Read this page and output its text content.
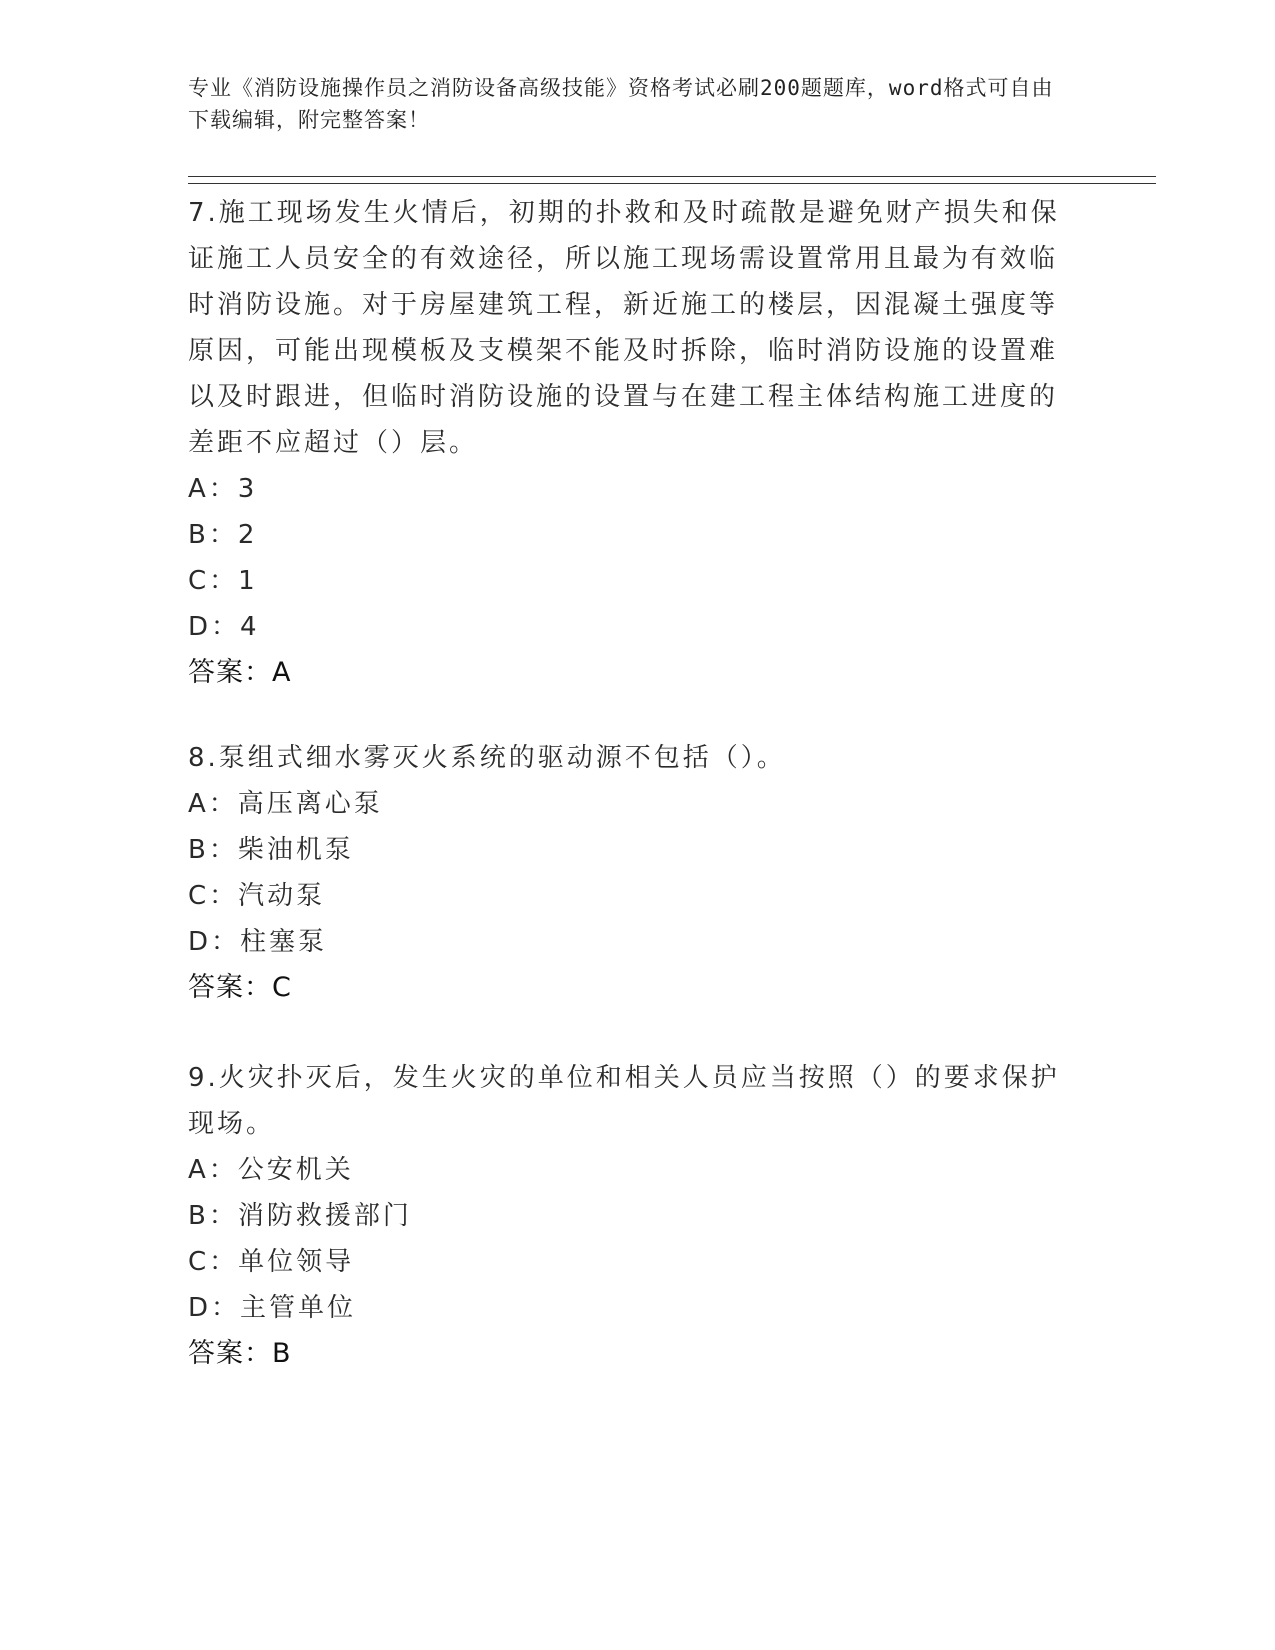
专业《消防设施操作员之消防设备高级技能》资格考试必刷200题题库，word格式可自由下载编辑，附完整答案！

7.施工现场发生火情后，初期的扑救和及时疏散是避免财产损失和保证施工人员安全的有效途径，所以施工现场需设置常用且最为有效临时消防设施。对于房屋建筑工程，新近施工的楼层，因混凝土强度等原因，可能出现模板及支模架不能及时拆除，临时消防设施的设置难以及时跟进，但临时消防设施的设置与在建工程主体结构施工进度的差距不应超过（）层。

A：3

B：2

C：1

D：4

答案：A

8.泵组式细水雾灭火系统的驱动源不包括（）。

A：高压离心泵

B：柴油机泵

C：汽动泵

D：柱塞泵

答案：C

9.火灾扑灭后，发生火灾的单位和相关人员应当按照（）的要求保护现场。

A：公安机关

B：消防救援部门

C：单位领导

D：主管单位

答案：B
